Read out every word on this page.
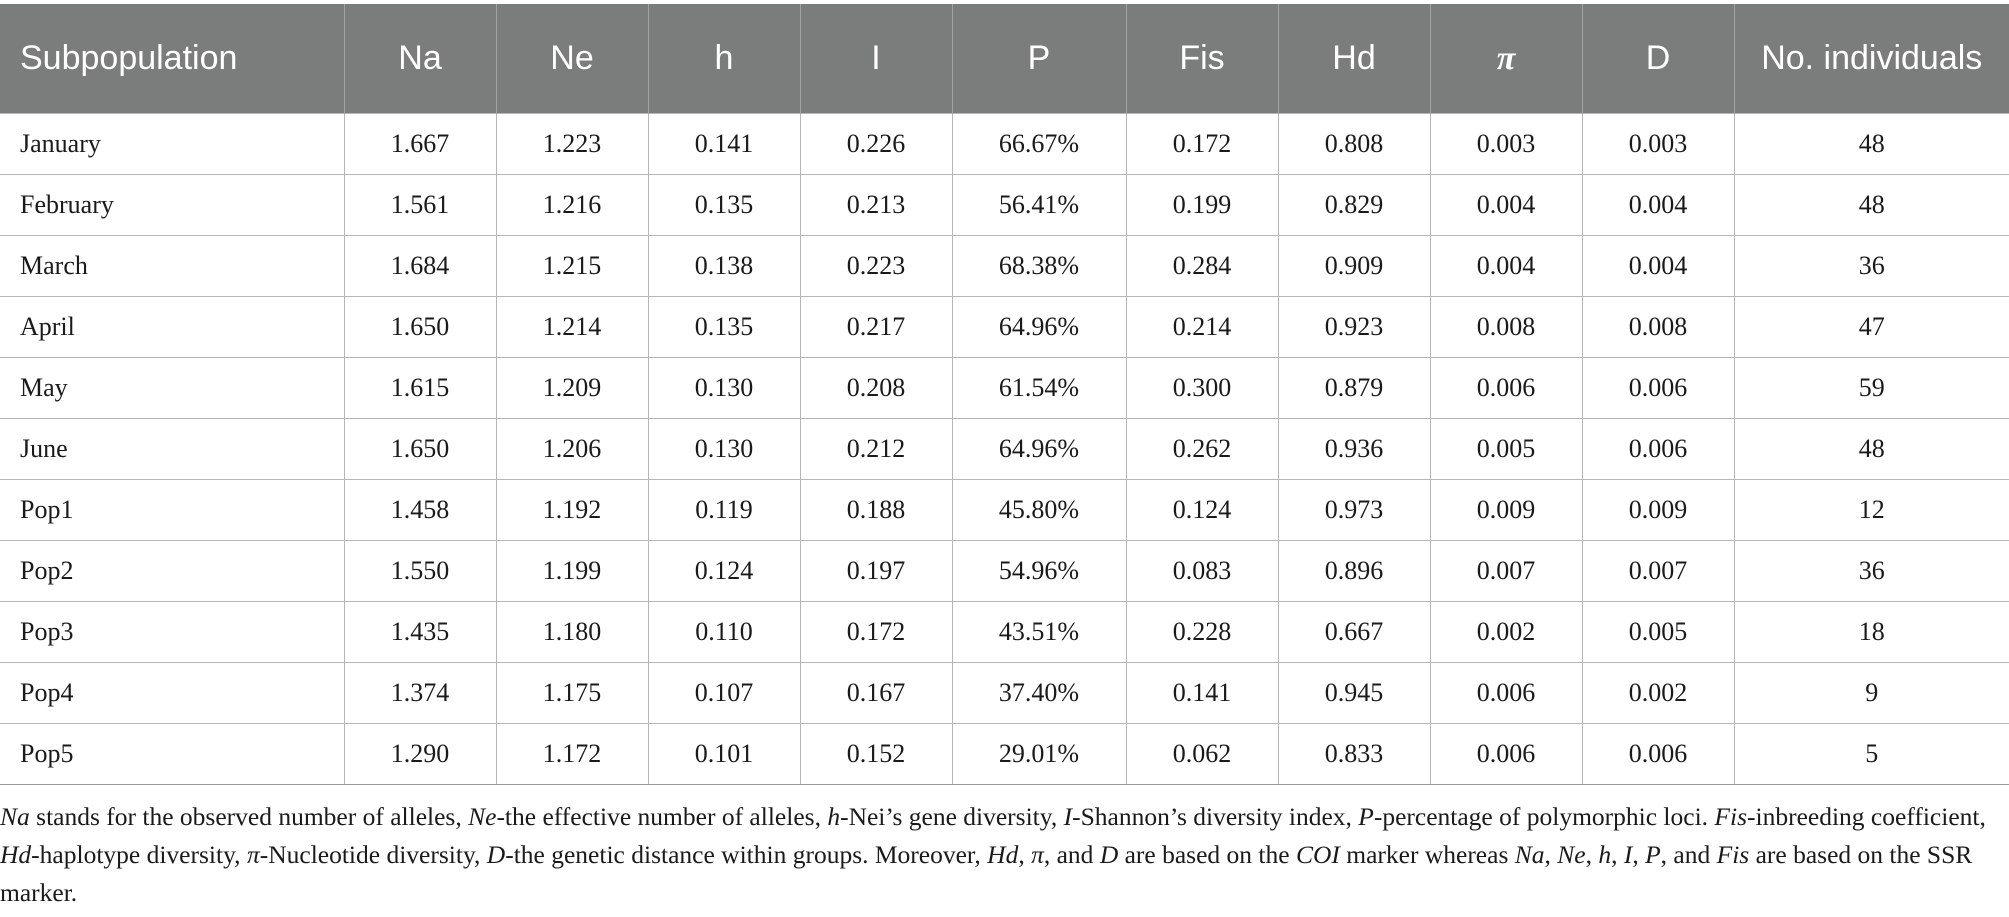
Subpopulation	Na	Ne	h	I	P	Fis	Hd	π	D	No. individuals
January	1.667	1.223	0.141	0.226	66.67%	0.172	0.808	0.003	0.003	48
February	1.561	1.216	0.135	0.213	56.41%	0.199	0.829	0.004	0.004	48
March	1.684	1.215	0.138	0.223	68.38%	0.284	0.909	0.004	0.004	36
April	1.650	1.214	0.135	0.217	64.96%	0.214	0.923	0.008	0.008	47
May	1.615	1.209	0.130	0.208	61.54%	0.300	0.879	0.006	0.006	59
June	1.650	1.206	0.130	0.212	64.96%	0.262	0.936	0.005	0.006	48
Pop1	1.458	1.192	0.119	0.188	45.80%	0.124	0.973	0.009	0.009	12
Pop2	1.550	1.199	0.124	0.197	54.96%	0.083	0.896	0.007	0.007	36
Pop3	1.435	1.180	0.110	0.172	43.51%	0.228	0.667	0.002	0.005	18
Pop4	1.374	1.175	0.107	0.167	37.40%	0.141	0.945	0.006	0.002	9
Pop5	1.290	1.172	0.101	0.152	29.01%	0.062	0.833	0.006	0.006	5
Na stands for the observed number of alleles, Ne-the effective number of alleles, h-Nei’s gene diversity, I-Shannon’s diversity index, P-percentage of polymorphic loci. Fis-inbreeding coefficient, Hd-haplotype diversity, π-Nucleotide diversity, D-the genetic distance within groups. Moreover, Hd, π, and D are based on the COI marker whereas Na, Ne, h, I, P, and Fis are based on the SSR marker.
